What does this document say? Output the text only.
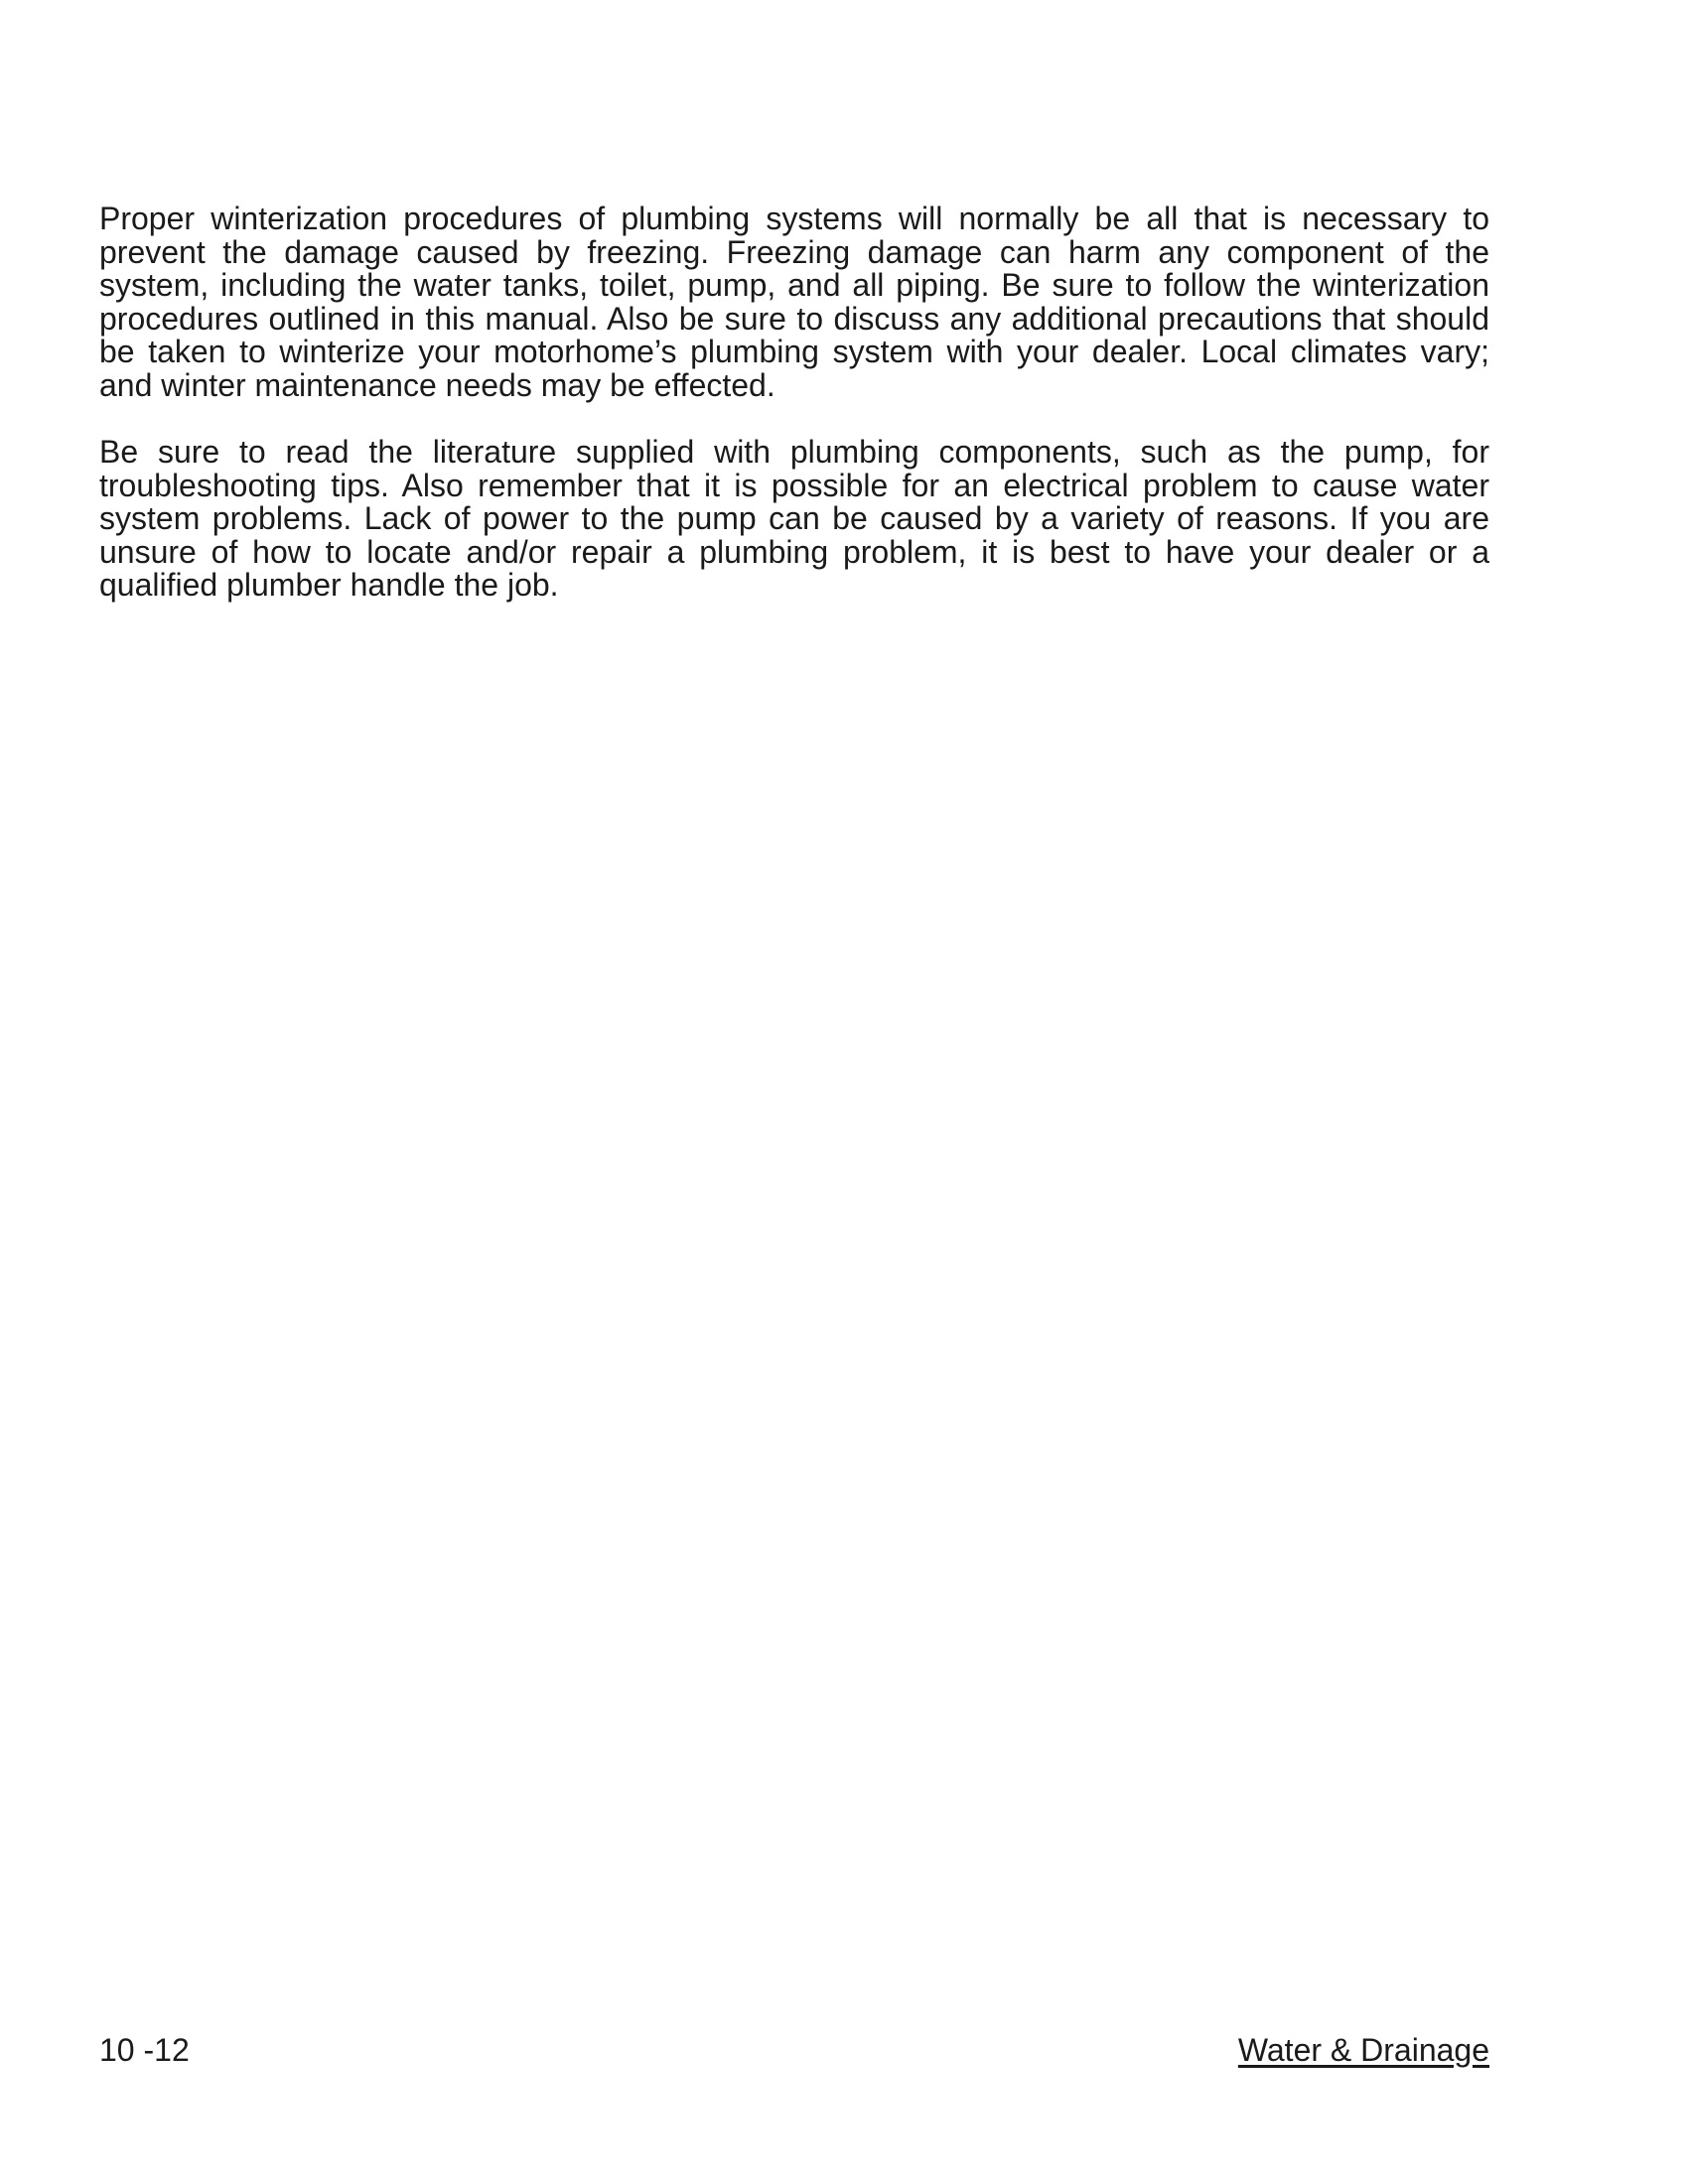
Proper winterization procedures of plumbing systems will normally be all that is necessary to prevent the damage caused by freezing. Freezing damage can harm any component of the system, including the water tanks, toilet, pump, and all piping. Be sure to follow the winterization procedures outlined in this manual. Also be sure to discuss any additional precautions that should be taken to winterize your motorhome’s plumbing system with your dealer. Local climates vary; and winter maintenance needs may be effected.

Be sure to read the literature supplied with plumbing components, such as the pump, for troubleshooting tips. Also remember that it is possible for an electrical problem to cause water system problems. Lack of power to the pump can be caused by a variety of reasons. If you are unsure of how to locate and/or repair a plumbing problem, it is best to have your dealer or a qualified plumber handle the job.

10 -12	Water & Drainage
